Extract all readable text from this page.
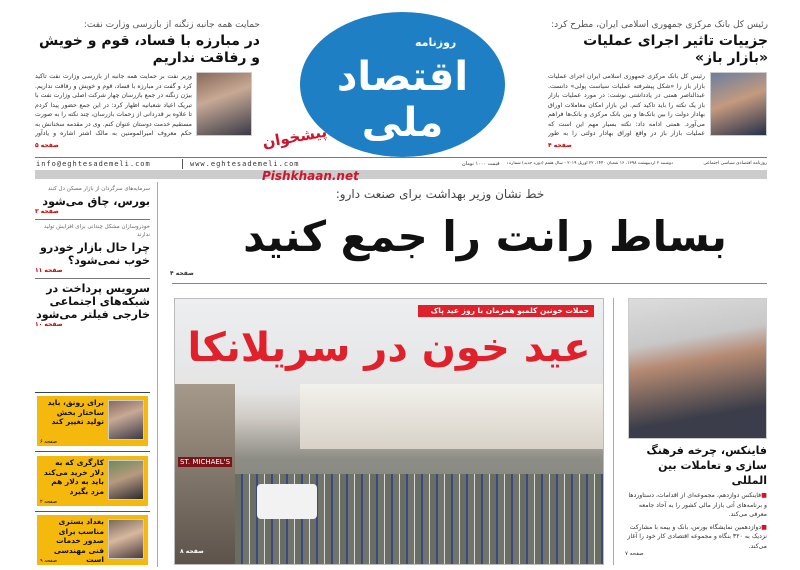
حمایت همه جانبه زنگنه از بازرسی وزارت نفت:
در مبارزه با فساد، قوم و خویش و رفاقت نداریم
وزیر نفت بر حمایت همه جانبه از بازرسی وزارت نفت تاکید کرد و گفت در مبارزه با فساد، قوم و خویش و رفاقت نداریم. بیژن زنگنه در جمع بازرسان چهار شرکت اصلی وزارت نفت با تبریک اعیاد شعبانیه اظهار کرد: در این جمع حضور پیدا کردم تا علاوه بر قدردانی از زحمات بازرسان، چند نکته را به صورت مستقیم خدمت دوستان عنوان کنم. وی در مقدمه سخنانش به حکم معروف امیرالمومنین به مالک اشتر اشاره و یادآور
صفحه ۵
رئیس کل بانک مرکزی جمهوری اسلامی ایران، مطرح کرد:
جزییات تاثیر اجرای عملیات «بازار باز»
رئیس کل بانک مرکزی جمهوری اسلامی ایران اجرای عملیات بازار باز را «شکل پیشرفته عملیات سیاست پولی» دانست. عبدالناصر همتی در یادداشتی نوشت: در مورد عملیات بازار باز یک نکته را باید تاکید کنم. این بازار امکان معاملات اوراق بهادار دولت را بین بانک‌ها و بین بانک مرکزی و بانک‌ها فراهم می‌آورد. همتی ادامه داد: نکته بسیار مهم این است که عملیات بازار باز در واقع اوراق بهادار دولتی را به طور
صفحه ۴
روزنامه
اقتصاد ملی
پیشخوان
info@eghtesademeli.com	www.eghtesademeli.com	قیمت ۱۰۰۰ تومان	دوشنبه ۲ اردیبهشت ۱۳۹۸، ۱۶ شعبان ۱۴۴۰، ۲۲ آوریل ۲۰۱۹ - سال هفتم (دوره جدید) شماره	روزنامه اقتصادی سیاسی اجتماعی
Pishkhaan.net
سرمایه‌های سرگردان از بازار مسکن دل کنند
بورس، چاق می‌شود
صفحه ۳
خودروسازان مشکل چندانی برای افزایش تولید ندارند
چرا حال بازار خودرو خوب نمی‌شود؟
صفحه ۱۱
سرویس پرداخت در شبکه‌های اجتماعی خارجی فیلتر می‌شود
صفحه ۱۰
برای رونق، باید ساختار بخش تولید تغییر کند
صفحه ۶
کارگری که به دلار خرید می‌کند باید به دلار هم مزد بگیرد
صفحه ۲
بغداد بستری مناسب برای صدور خدمات فنی مهندسی است
صفحه ۹
خط نشان وزیر بهداشت برای صنعت دارو:
بساط رانت را جمع کنید
صفحه ۴
ST. MICHAEL'S
حملات خونین کلمبو همزمان با روز عید پاک
عید خون در سریلانکا
صفحه ۸
فاینکس، چرخه فرهنگ سازی و تعاملات بین المللی
■فاینکس دوازدهم، مجموعه‌ای از اقدامات، دستاوردها و برنامه‌های آتی بازار مالی کشور را به آحاد جامعه معرفی می‌کند.
■دوازدهمین نمایشگاه بورس، بانک و بیمه با مشارکت نزدیک به ۳۲۰ بنگاه و مجموعه اقتصادی کار خود را آغاز می‌کند.
صفحه ۷
